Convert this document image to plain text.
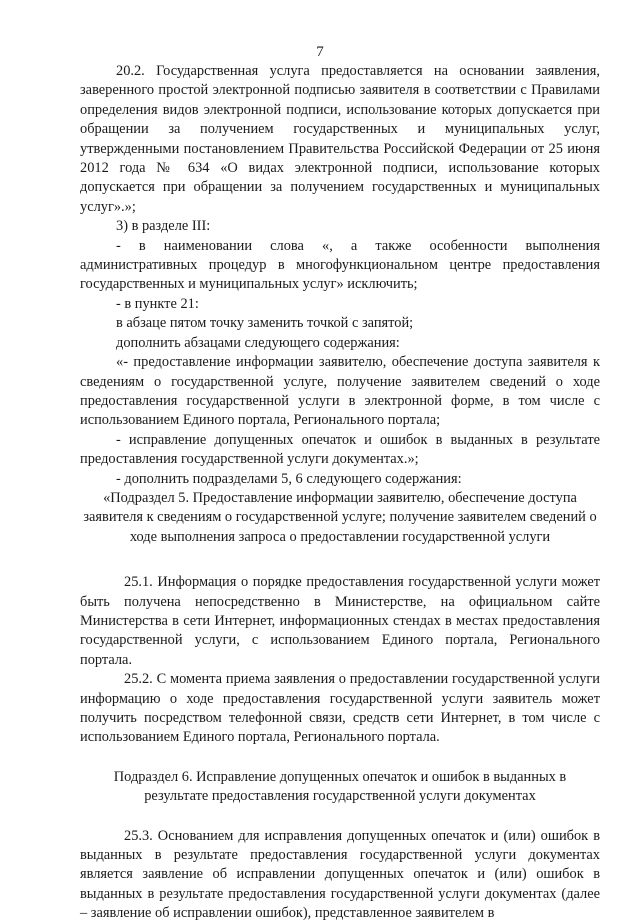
7

20.2. Государственная услуга предоставляется на основании заявления, заверенного простой электронной подписью заявителя в соответствии с Правилами определения видов электронной подписи, использование которых допускается при обращении за получением государственных и муниципальных услуг, утвержденными постановлением Правительства Российской Федерации от 25 июня 2012 года № 634 «О видах электронной подписи, использование которых допускается при обращении за получением государственных и муниципальных услуг».»;

3) в разделе III:

- в наименовании слова «, а также особенности выполнения административных процедур в многофункциональном центре предоставления государственных и муниципальных услуг» исключить;

- в пункте 21:

в абзаце пятом точку заменить точкой с запятой;

дополнить абзацами следующего содержания:

«- предоставление информации заявителю, обеспечение доступа заявителя к сведениям о государственной услуге, получение заявителем сведений о ходе предоставления государственной услуги в электронной форме, в том числе с использованием Единого портала, Регионального портала;

- исправление допущенных опечаток и ошибок в выданных в результате предоставления государственной услуги документах.»;

- дополнить подразделами 5, 6 следующего содержания:

«Подраздел 5. Предоставление информации заявителю, обеспечение доступа заявителя к сведениям о государственной услуге; получение заявителем сведений о ходе выполнения запроса о предоставлении государственной услуги

25.1. Информация о порядке предоставления государственной услуги может быть получена непосредственно в Министерстве, на официальном сайте Министерства в сети Интернет, информационных стендах в местах предоставления государственной услуги, с использованием Единого портала, Регионального портала.

25.2. С момента приема заявления о предоставлении государственной услуги информацию о ходе предоставления государственной услуги заявитель может получить посредством телефонной связи, средств сети Интернет, в том числе с использованием Единого портала, Регионального портала.

Подраздел 6. Исправление допущенных опечаток и ошибок в выданных в результате предоставления государственной услуги документах

25.3. Основанием для исправления допущенных опечаток и (или) ошибок в выданных в результате предоставления государственной услуги документах является заявление об исправлении допущенных опечаток и (или) ошибок в выданных в результате предоставления государственной услуги документах (далее – заявление об исправлении ошибок), представленное заявителем в
